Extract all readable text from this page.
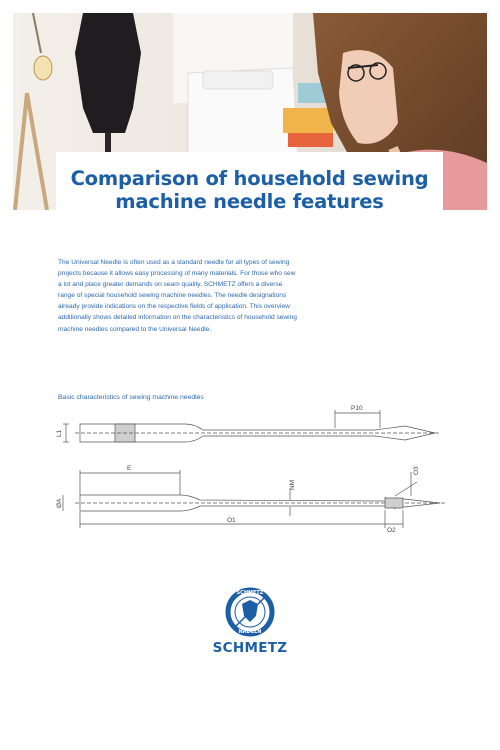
Comparison of household sewing machine needle features

The Universal Needle is often used as a standard needle for all types of sewing projects because it allows easy processing of many materials. For those who sew a lot and place greater demands on seam quality, SCHMETZ offers a diverse range of special household sewing machine needles. The needle designations already provide indications on the respective fields of application. This overview additionally shows detailed information on the characteristics of household sewing machine needles compared to the Universal Needle.

Basic characteristics of sewing machine needles
P10
L1
E
NM
ØA
O1
O2
O3
SCHMETZ
NADELN
SCHMETZ
